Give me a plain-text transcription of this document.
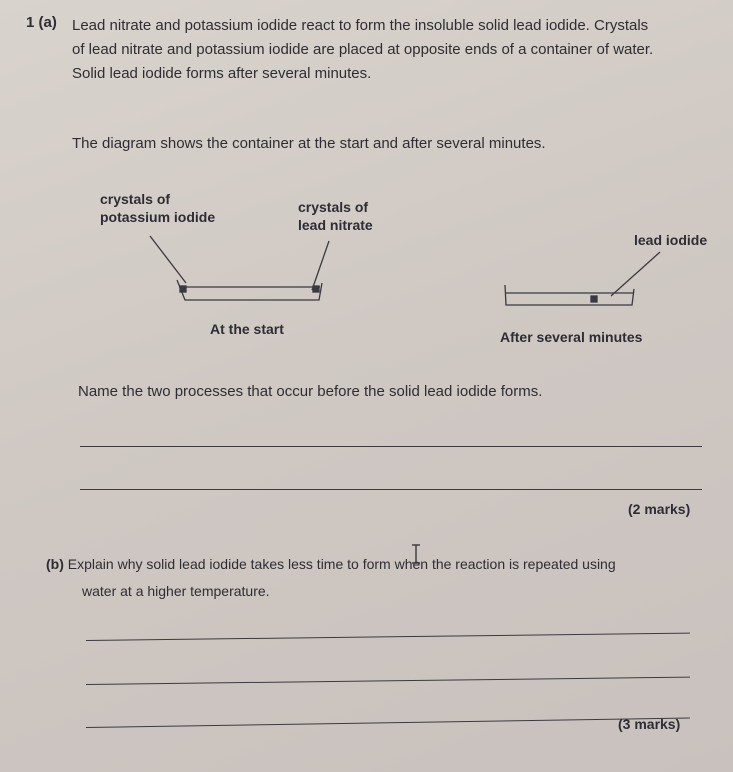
1 (a) Lead nitrate and potassium iodide react to form the insoluble solid lead iodide. Crystals
of lead nitrate and potassium iodide are placed at opposite ends of a container of water.
Solid lead iodide forms after several minutes.
The diagram shows the container at the start and after several minutes.
crystals of
potassium iodide
crystals of
lead nitrate
lead iodide
At the start	After several minutes
Name the two processes that occur before the solid lead iodide forms.
(2 marks)
(b) Explain why solid lead iodide takes less time to form when the reaction is repeated using
water at a higher temperature.
(3 marks)
